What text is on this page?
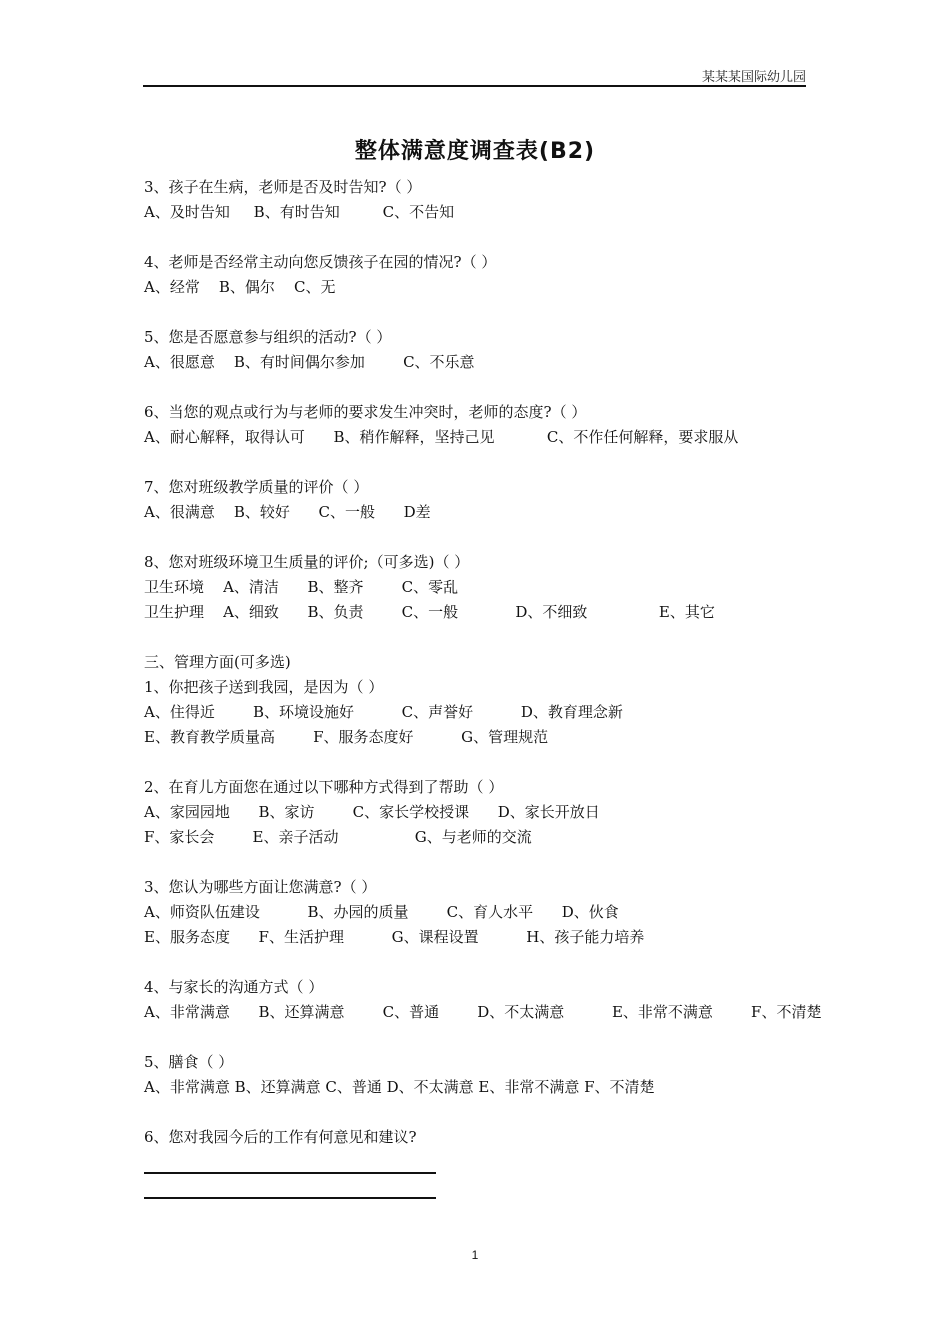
某某某国际幼儿园
整体满意度调查表(B2)
3、孩子在生病，老师是否及时告知?（ ）
A、及时告知     B、有时告知         C、不告知
4、老师是否经常主动向您反馈孩子在园的情况?（ ）
A、经常    B、偶尔    C、无
5、您是否愿意参与组织的活动?（ ）
A、很愿意    B、有时间偶尔参加        C、不乐意
6、当您的观点或行为与老师的要求发生冲突时，老师的态度?（ ）
A、耐心解释，取得认可      B、稍作解释，坚持己见           C、不作任何解释，要求服从
7、您对班级教学质量的评价（ ）
A、很满意    B、较好      C、一般      D差
8、您对班级环境卫生质量的评价;（可多选)（ ）
卫生环境    A、清洁      B、整齐        C、零乱
卫生护理    A、细致      B、负责        C、一般            D、不细致               E、其它
三、管理方面(可多选)
1、你把孩子送到我园，是因为（ ）
A、住得近        B、环境设施好          C、声誉好          D、教育理念新
E、教育教学质量高        F、服务态度好          G、管理规范
2、在育儿方面您在通过以下哪种方式得到了帮助（ ）
A、家园园地      B、家访        C、家长学校授课      D、家长开放日
F、家长会        E、亲子活动                G、与老师的交流
3、您认为哪些方面让您满意?（ ）
A、师资队伍建设          B、办园的质量        C、育人水平      D、伙食
E、服务态度      F、生活护理          G、课程设置          H、孩子能力培养
4、与家长的沟通方式（ ）
A、非常满意      B、还算满意        C、普通        D、不太满意          E、非常不满意        F、不清楚
5、膳食（ ）
A、非常满意 B、还算满意 C、普通 D、不太满意 E、非常不满意 F、不清楚
6、您对我园今后的工作有何意见和建议?
1
